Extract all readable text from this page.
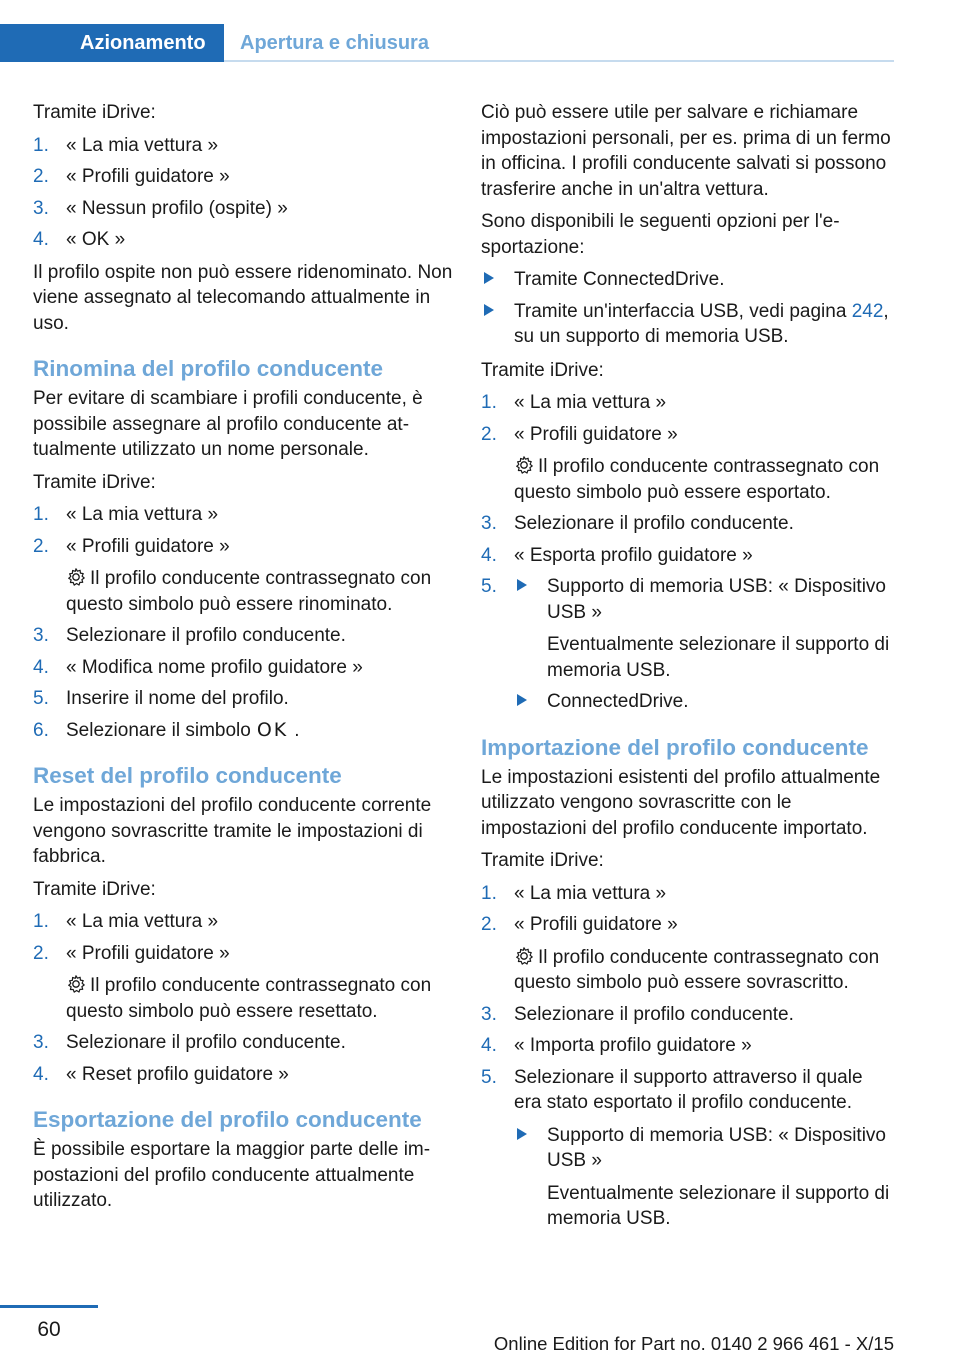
Azionamento	Apertura e chiusura

Tramite iDrive:

1. « La mia vettura »
2. « Profili guidatore »
3. « Nessun profilo (ospite) »
4. « OK »

Il profilo ospite non può essere ridenominato. Non viene assegnato al telecomando attualmente in uso.

Rinomina del profilo conducente

Per evitare di scambiare i profili conducente, è possibile assegnare al profilo conducente attualmente utilizzato un nome personale.

Tramite iDrive:

1. « La mia vettura »
2. « Profili guidatore »
Il profilo conducente contrassegnato con questo simbolo può essere rinominato.
3. Selezionare il profilo conducente.
4. « Modifica nome profilo guidatore »
5. Inserire il nome del profilo.
6. Selezionare il simbolo OK .
Reset del profilo conducente

Le impostazioni del profilo conducente corrente vengono sovrascritte tramite le impostazioni di fabbrica.

Tramite iDrive:

1. « La mia vettura »
2. « Profili guidatore »
Il profilo conducente contrassegnato con questo simbolo può essere resettato.
3. Selezionare il profilo conducente.
4. « Reset profilo guidatore »
Esportazione del profilo conducente

È possibile esportare la maggior parte delle impostazioni del profilo conducente attualmente utilizzato.

Ciò può essere utile per salvare e richiamare impostazioni personali, per es. prima di un fermo in officina. I profili conducente salvati si possono trasferire anche in un'altra vettura.

Sono disponibili le seguenti opzioni per l'esportazione:

Tramite ConnectedDrive.
Tramite un'interfaccia USB, vedi pagina 242, su un supporto di memoria USB.

Tramite iDrive:

1. « La mia vettura »
2. « Profili guidatore »
Il profilo conducente contrassegnato con questo simbolo può essere esportato.
3. Selezionare il profilo conducente.
4. « Esporta profilo guidatore »
5.	Supporto di memoria USB: « Dispositivo USB »
Eventualmente selezionare il supporto di memoria USB.
ConnectedDrive.
Importazione del profilo conducente

Le impostazioni esistenti del profilo attualmente utilizzato vengono sovrascritte con le impostazioni del profilo conducente importato.

Tramite iDrive:

1. « La mia vettura »
2. « Profili guidatore »
Il profilo conducente contrassegnato con questo simbolo può essere sovrascritto.
3. Selezionare il profilo conducente.
4. « Importa profilo guidatore »
5. Selezionare il supporto attraverso il quale era stato esportato il profilo conducente.
Supporto di memoria USB: « Dispositivo USB »
Eventualmente selezionare il supporto di memoria USB.
60
Online Edition for Part no. 0140 2 966 461 - X/15
